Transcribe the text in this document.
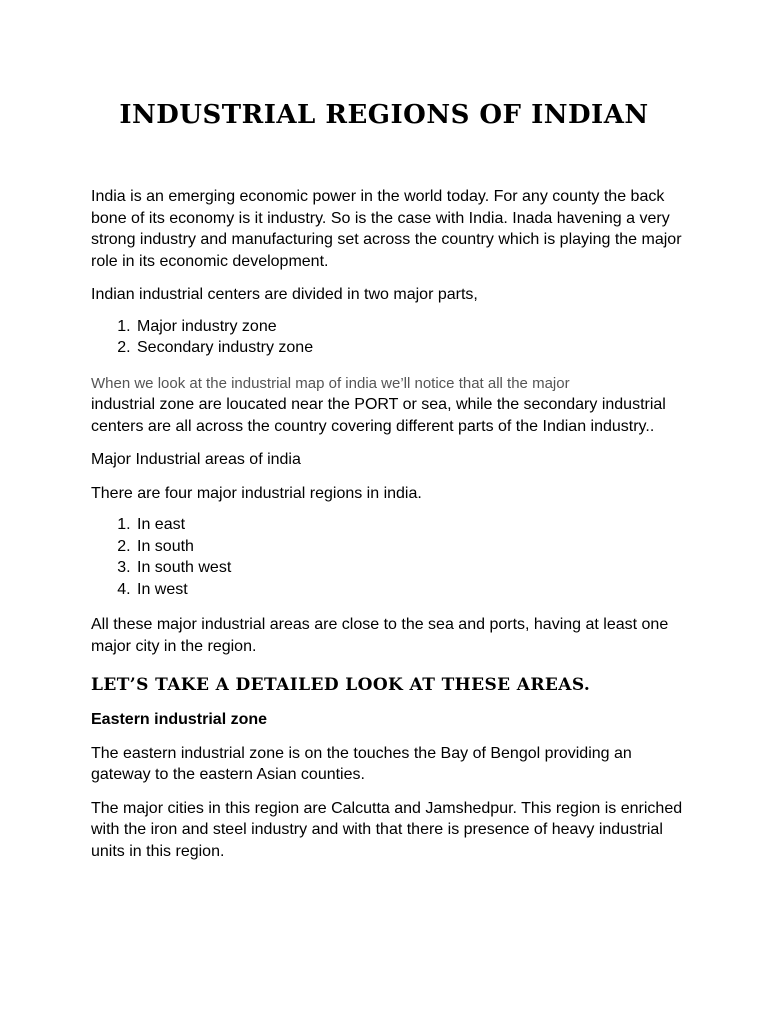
INDUSTRIAL REGIONS OF INDIAN

India is an emerging economic power in the world today. For any county the back bone of its economy is it industry. So is the case with India. Inada havening a very strong industry and manufacturing set across the country which is playing the major role in its economic development.

Indian industrial centers are divided in two major parts,

1. Major industry zone
2. Secondary industry zone

When we look at the industrial map of india we’ll notice that all the major
industrial zone are loucated near the PORT or sea, while the secondary industrial centers are all across the country covering different parts of the Indian industry..

Major Industrial areas of india

There are four major industrial regions in india.

1. In east
2. In south
3. In south west
4. In west

All these major industrial areas are close to the sea and ports, having at least one major city in the region.

LET’S TAKE A DETAILED LOOK AT THESE AREAS.

Eastern industrial zone

The eastern industrial zone is on the touches the Bay of Bengol providing an gateway to the eastern Asian counties.

The major cities in this region are Calcutta and Jamshedpur. This region is enriched with the iron and steel industry and with that there is presence of heavy industrial units in this region.
